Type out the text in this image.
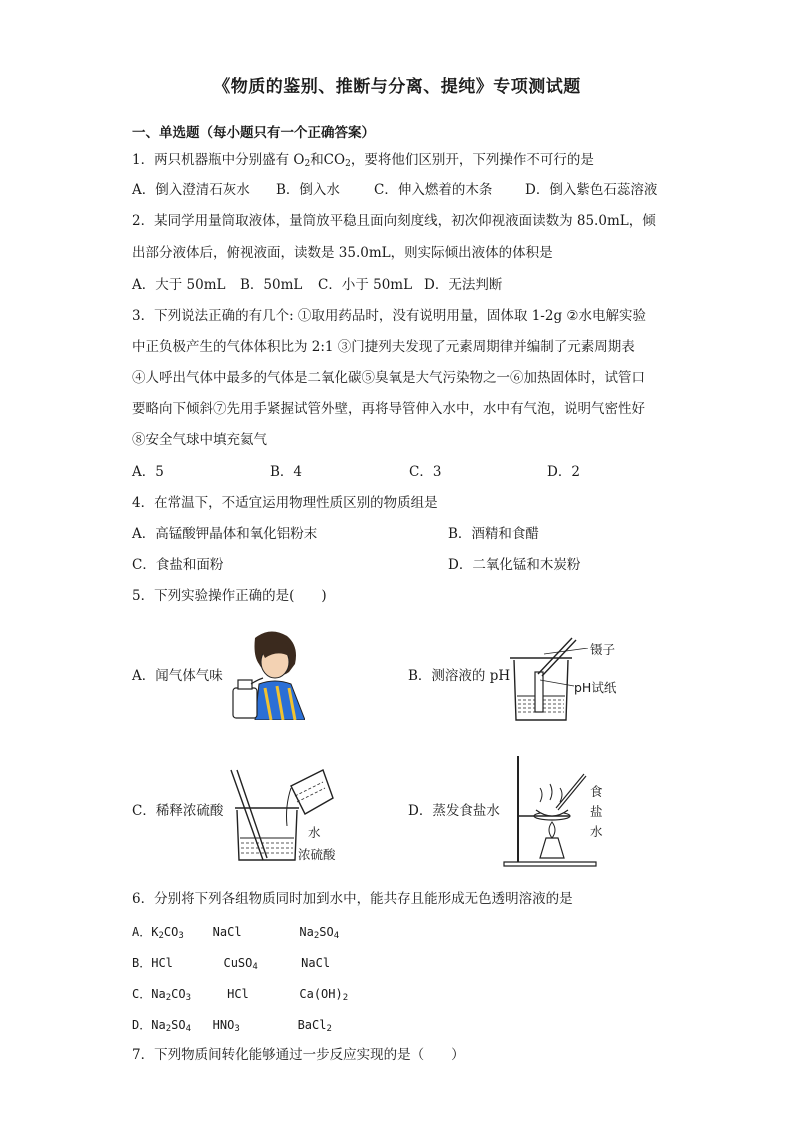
《物质的鉴别、推断与分离、提纯》专项测试题
一、单选题（每小题只有一个正确答案）
1．两只机器瓶中分别盛有 $O_2$和$CO_2$，要将他们区别开，下列操作不可行的是
A．倒入澄清石灰水 B．倒入水	C．伸入燃着的木条 D．倒入紫色石蕊溶液
2．某同学用量筒取液体，量筒放平稳且面向刻度线，初次仰视液面读数为 85.0mL，倾
出部分液体后，俯视液面，读数是 35.0mL，则实际倾出液体的体积是
A．大于 50mL B．50mL C．小于 50mL D．无法判断
3．下列说法正确的有几个: ①取用药品时，没有说明用量，固体取 1-2g ②水电解实验
中正负极产生的气体体积比为 2:1 ③门捷列夫发现了元素周期律并编制了元素周期表
④人呼出气体中最多的气体是二氧化碳⑤臭氧是大气污染物之一⑥加热固体时，试管口
要略向下倾斜⑦先用手紧握试管外壁，再将导管伸入水中，水中有气泡，说明气密性好
⑧安全气球中填充氦气
A．5	B．4	C．3	D．2
4．在常温下，不适宜运用物理性质区别的物质组是
A．高锰酸钾晶体和氧化铝粉末	B．酒精和食醋
C．食盐和面粉	D．二氧化锰和木炭粉
5．下列实验操作正确的是(　　)
A．闻气体气味	B．测溶液的 pH
镊子
pH试纸
C．稀释浓硫酸
水
浓硫酸
D．蒸发食盐水
食
盐
水
6．分别将下列各组物质同时加到水中，能共存且能形成无色透明溶液的是
A．$K_2CO_3$ NaCl	$Na_2SO_4$
B．HCl	CuSO$_4$	NaCl
C．$Na_2CO_3$	HCl	$Ca(OH)_2$
D．$Na_2SO_4$ $HNO_3$	BaCl$_2$
7．下列物质间转化能够通过一步反应实现的是（　　）
